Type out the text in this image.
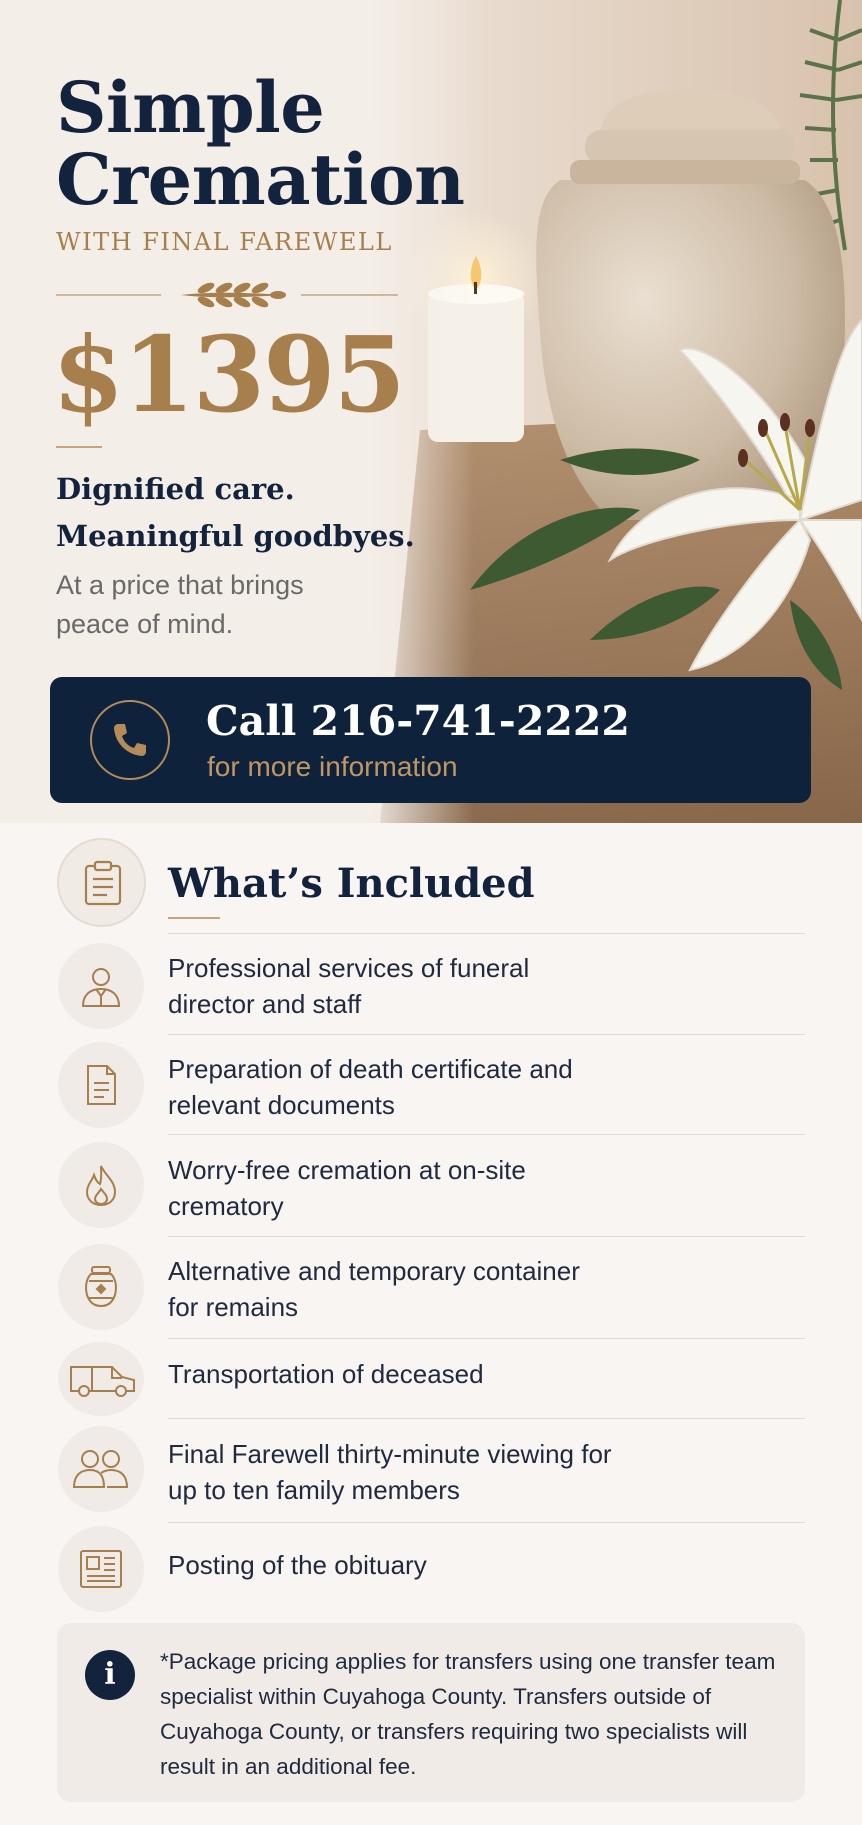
Simple Cremation
WITH FINAL FAREWELL
$1395
Dignified care. Meaningful goodbyes.
At a price that brings peace of mind.
Call 216-741-2222
for more information
What’s Included
Professional services of funeral director and staff
Preparation of death certificate and relevant documents
Worry-free cremation at on-site crematory
Alternative and temporary container for remains
Transportation of deceased
Final Farewell thirty-minute viewing for up to ten family members
Posting of the obituary
i	*Package pricing applies for transfers using one transfer team specialist within Cuyahoga County. Transfers outside of Cuyahoga County, or transfers requiring two specialists will result in an additional fee.
